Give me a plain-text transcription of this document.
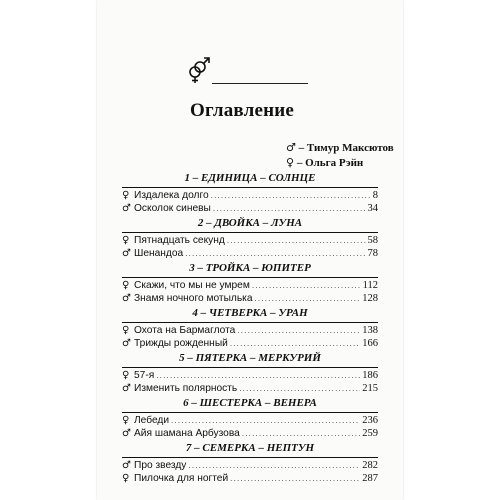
Оглавление
♂ – Тимур Максютов
♀ – Ольга Рэйн
1 – ЕДИНИЦА – СОЛНЦЕ
♀ Издалека долго .....	8
♂ Осколок синевы .....	34
2 – ДВОЙКА – ЛУНА
♀ Пятнадцать секунд .....	58
♂ Шенандоа .....	78
3 – ТРОЙКА – ЮПИТЕР
♀ Скажи, что мы не умрем .....	112
♂ Знамя ночного мотылька .....	128
4 – ЧЕТВЕРКА – УРАН
♀ Охота на Бармаглота .....	138
♂ Трижды рожденный .....	166
5 – ПЯТЕРКА – МЕРКУРИЙ
♀ 57-я .....	186
♂ Изменить полярность .....	215
6 – ШЕСТЕРКА – ВЕНЕРА
♀ Лебеди .....	236
♂ Айя шамана Арбузова .....	259
7 – СЕМЕРКА – НЕПТУН
♂ Про звезду .....	282
♀ Пилочка для ногтей .....	287
